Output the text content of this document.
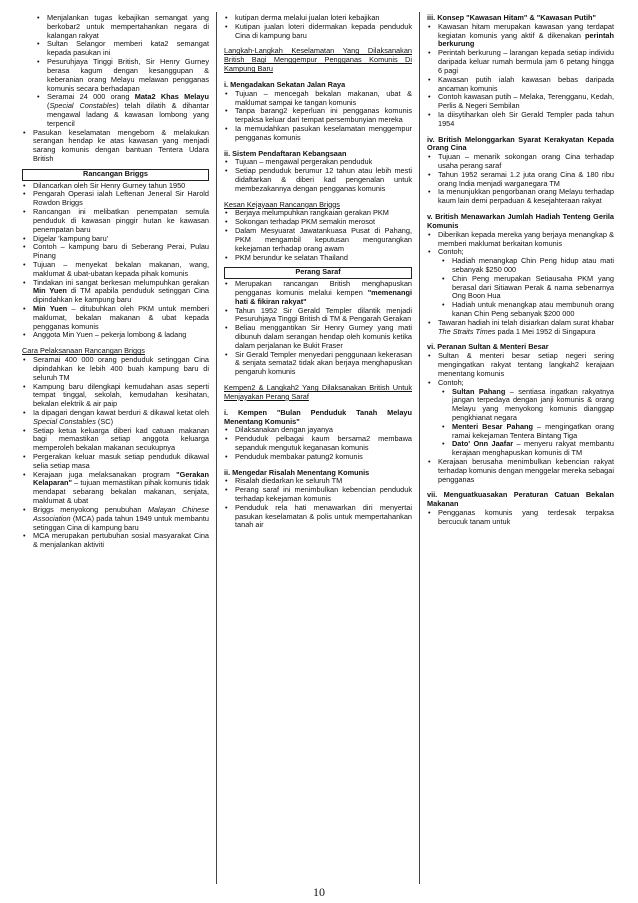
• Menjalankan tugas kebajikan semangat yang berkobar2 untuk mempertahankan negara di kalangan rakyat
• Sultan Selangor memberi kata2 semangat kepada pasukan ini
• Pesuruhjaya Tinggi British, Sir Henry Gurney berasa kagum dengan kesanggupan & keberanian orang Melayu melawan pengganas komunis secara berhadapan
• Seramai 24 000 orang Mata2 Khas Melayu (Special Constables) telah dilatih & dihantar mengawal ladang & kawasan lombong yang terpencil
• Pasukan keselamatan mengebom & melakukan serangan hendap ke atas kawasan yang menjadi sarang komunis dengan bantuan Tentera Udara British
Rancangan Briggs
• Dilancarkan oleh Sir Henry Gurney tahun 1950
• Pengarah Operasi ialah Leftenan Jeneral Sir Harold Rowdon Briggs
• Rancangan ini melibatkan penempatan semula penduduk di kawasan pinggir hutan ke kawasan penempatan baru
• Digelar 'kampung baru'
• Contoh – kampung baru di Seberang Perai, Pulau Pinang
• Tujuan – menyekat bekalan makanan, wang, maklumat & ubat-ubatan kepada pihak komunis
• Tindakan ini sangat berkesan melumpuhkan gerakan Min Yuen di TM apabila penduduk setinggan Cina dipindahkan ke kampung baru
• Min Yuen – ditubuhkan oleh PKM untuk memberi maklumat, bekalan makanan & ubat kepada pengganas komunis
• Anggota Min Yuen – pekerja lombong & ladang

Cara Pelaksanaan Rancangan Briggs

• Seramai 400 000 orang penduduk setinggan Cina dipindahkan ke lebih 400 buah kampung baru di seluruh TM
• Kampung baru dilengkapi kemudahan asas seperti tempat tinggal, sekolah, kemudahan kesihatan, bekalan elektrik & air paip
• Ia dipagari dengan kawat berduri & dikawal ketat oleh Special Constables (SC)
• Setiap ketua keluarga diberi kad catuan makanan bagi memastikan setiap anggota keluarga memperoleh bekalan makanan secukupnya
• Pergerakan keluar masuk setiap penduduk dikawal selia setiap masa
• Kerajaan juga melaksanakan program "Gerakan Kelaparan" – tujuan memastikan pihak komunis tidak mendapat sebarang bekalan makanan, senjata, maklumat & ubat
• Briggs menyokong penubuhan Malayan Chinese Association (MCA) pada tahun 1949 untuk membantu setinggan Cina di kampung baru
• MCA merupakan pertubuhan sosial masyarakat Cina & menjalankan aktiviti
• kutipan derma melalui jualan loteri kebajikan
• Kutipan jualan loteri didermakan kepada penduduk Cina di kampung baru

Langkah-Langkah Keselamatan Yang Dilaksanakan British Bagi Menggempur Pengganas Komunis Di Kampung Baru

i. Mengadakan Sekatan Jalan Raya

• Tujuan – mencegah bekalan makanan, ubat & maklumat sampai ke tangan komunis
• Tanpa barang2 keperluan ini pengganas komunis terpaksa keluar dari tempat persembunyian mereka
• Ia memudahkan pasukan keselamatan menggempur pengganas komunis

ii. Sistem Pendaftaran Kebangsaan

• Tujuan – mengawal pergerakan penduduk
• Setiap penduduk berumur 12 tahun atau lebih mesti didaftarkan & diberi kad pengenalan untuk membezakannya dengan pengganas komunis

Kesan Kejayaan Rancangan Briggs

• Berjaya melumpuhkan rangkaian gerakan PKM
• Sokongan terhadap PKM semakin merosot
• Dalam Mesyuarat Jawatankuasa Pusat di Pahang, PKM mengambil keputusan mengurangkan kekejaman terhadap orang awam
• PKM berundur ke selatan Thailand
Perang Saraf
• Merupakan rancangan British menghapuskan pengganas komunis melalui kempen "memenangi hati & fikiran rakyat"
• Tahun 1952 Sir Gerald Templer dilantik menjadi Pesuruhjaya Tinggi British di TM & Pengarah Gerakan
• Beliau menggantikan Sir Henry Gurney yang mati dibunuh dalam serangan hendap oleh komunis ketika dalam perjalanan ke Bukit Fraser
• Sir Gerald Templer menyedari penggunaan kekerasan & senjata semata2 tidak akan berjaya menghapuskan pengaruh komunis

Kempen2 & Langkah2 Yang Dilaksanakan British Untuk Menjayakan Perang Saraf

i. Kempen "Bulan Penduduk Tanah Melayu Menentang Komunis"

• Dilaksanakan dengan jayanya
• Penduduk pelbagai kaum bersama2 membawa sepanduk mengutuk keganasan komunis
• Penduduk membakar patung2 komunis

ii. Mengedar Risalah Menentang Komunis

• Risalah diedarkan ke seluruh TM
• Perang saraf ini menimbulkan kebencian penduduk terhadap kekejaman komunis
• Penduduk rela hati menawarkan diri menyertai pasukan keselamatan & polis untuk mempertahankan tanah air

iii. Konsep "Kawasan Hitam" & "Kawasan Putih"

• Kawasan hitam merupakan kawasan yang terdapat kegiatan komunis yang aktif & dikenakan perintah berkurung
• Perintah berkurung – larangan kepada setiap individu daripada keluar rumah bermula jam 6 petang hingga 6 pagi
• Kawasan putih ialah kawasan bebas daripada ancaman komunis
• Contoh kawasan putih – Melaka, Terengganu, Kedah, Perlis & Negeri Sembilan
• Ia diisytiharkan oleh Sir Gerald Templer pada tahun 1954

iv. British Melonggarkan Syarat Kerakyatan Kepada Orang Cina

• Tujuan – menarik sokongan orang Cina terhadap usaha perang saraf
• Tahun 1952 seramai 1.2 juta orang Cina & 180 ribu orang India menjadi warganegara TM
• Ia menunjukkan pengorbanan orang Melayu terhadap kaum lain demi perpaduan & kesejahteraan rakyat

v. British Menawarkan Jumlah Hadiah Tenteng Gerila Komunis

• Diberikan kepada mereka yang berjaya menangkap & memberi maklumat berkaitan komunis
• Contoh;
• Hadiah menangkap Chin Peng hidup atau mati sebanyak $250 000
• Chin Peng merupakan Setiausaha PKM yang berasal dari Sitiawan Perak & nama sebenarnya Ong Boon Hua
• Hadiah untuk menangkap atau membunuh orang kanan Chin Peng sebanyak $200 000
• Tawaran hadiah ini telah disiarkan dalam surat khabar The Straits Times pada 1 Mei 1952 di Singapura

vi. Peranan Sultan & Menteri Besar

• Sultan & menteri besar setiap negeri sering mengingatkan rakyat tentang langkah2 kerajaan menentang komunis
• Contoh;
• Sultan Pahang – sentiasa ingatkan rakyatnya jangan terpedaya dengan janji komunis & orang Melayu yang menyokong komunis dianggap pengkhianat negara
• Menteri Besar Pahang – mengingatkan orang ramai kekejaman Tentera Bintang Tiga
• Dato' Onn Jaafar – menyeru rakyat membantu kerajaan menghapuskan komunis di TM
• Kerajaan berusaha menimbulkan kebencian rakyat terhadap komunis dengan menggelar mereka sebagai pengganas

vii. Menguatkuasakan Peraturan Catuan Bekalan Makanan

• Pengganas komunis yang terdesak terpaksa bercucuk tanam untuk
10
